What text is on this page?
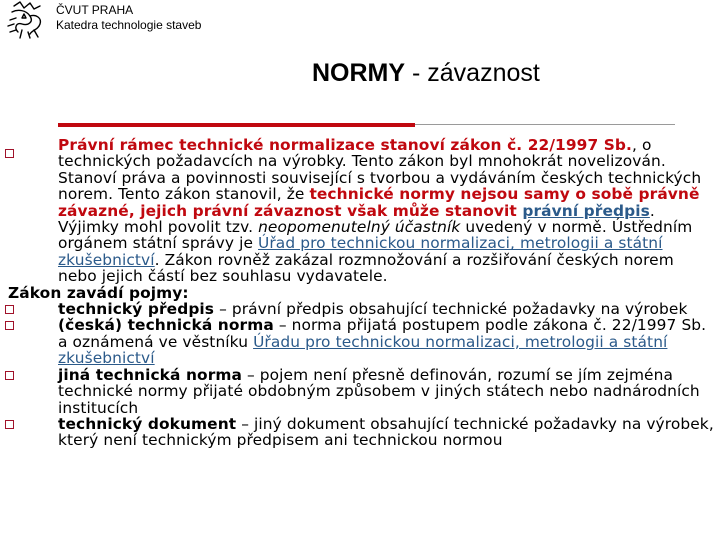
ČVUT PRAHA
Katedra technologie staveb
NORMY - závaznost
Právní rámec technické normalizace stanoví zákon č. 22/1997 Sb., o technických požadavcích na výrobky. Tento zákon byl mnohokrát novelizován. Stanoví práva a povinnosti související s tvorbou a vydáváním českých technických norem. Tento zákon stanovil, že technické normy nejsou samy o sobě právně závazné, jejich právní závaznost však může stanovit právní předpis. Výjimky mohl povolit tzv. neopomenutelný účastník uvedený v normě. Ústředním orgánem státní správy je Úřad pro technickou normalizaci, metrologii a státní zkušebnictví. Zákon rovněž zakázal rozmnožování a rozšiřování českých norem nebo jejich částí bez souhlasu vydavatele.
Zákon zavádí pojmy:
technický předpis – právní předpis obsahující technické požadavky na výrobek
(česká) technická norma – norma přijatá postupem podle zákona č. 22/1997 Sb. a oznámená ve věstníku Úřadu pro technickou normalizaci, metrologii a státní zkušebnictví
jiná technická norma – pojem není přesně definován, rozumí se jím zejména technické normy přijaté obdobným způsobem v jiných státech nebo nadnárodních institucích
technický dokument – jiný dokument obsahující technické požadavky na výrobek, který není technickým předpisem ani technickou normou
